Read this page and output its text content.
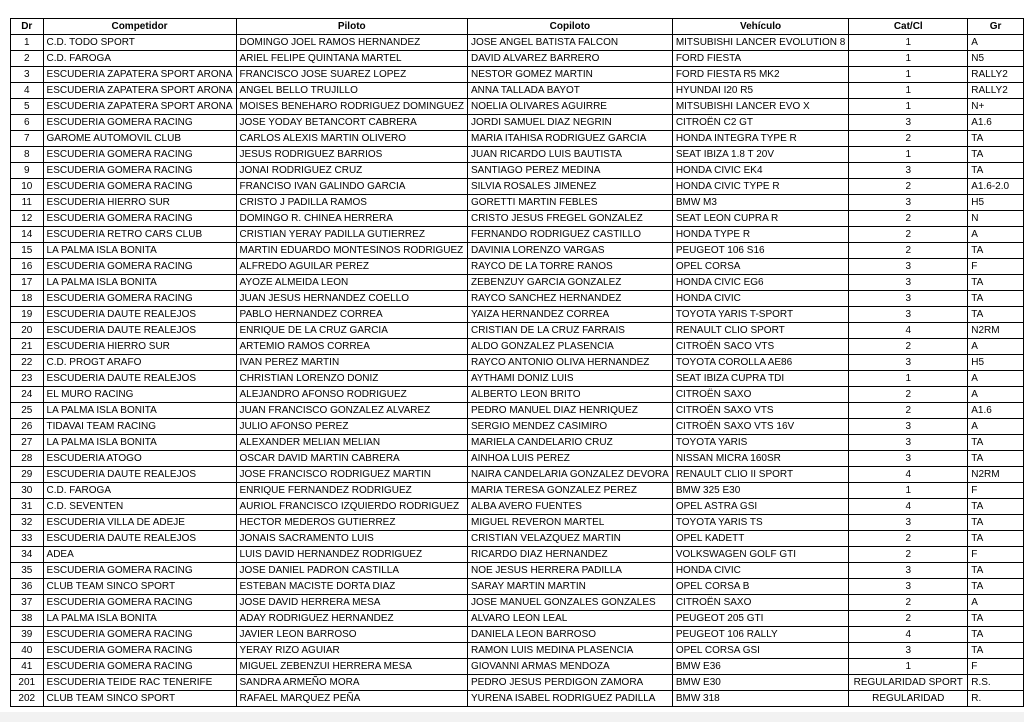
Dr	Competidor	Piloto	Copiloto	Vehículo	Cat/Cl	Gr
1	C.D. TODO SPORT	DOMINGO JOEL RAMOS HERNANDEZ	JOSE ANGEL BATISTA FALCON	MITSUBISHI LANCER EVOLUTION 8	1	A
2	C.D. FAROGA	ARIEL FELIPE QUINTANA MARTEL	DAVID ALVAREZ BARRERO	FORD FIESTA	1	N5
3	ESCUDERIA ZAPATERA SPORT ARONA	FRANCISCO JOSE SUAREZ LOPEZ	NESTOR GOMEZ MARTIN	FORD FIESTA R5 MK2	1	RALLY2
4	ESCUDERIA ZAPATERA SPORT ARONA	ANGEL BELLO TRUJILLO	ANNA TALLADA BAYOT	HYUNDAI I20 R5	1	RALLY2
5	ESCUDERIA ZAPATERA SPORT ARONA	MOISES BENEHARO RODRIGUEZ DOMINGUEZ	NOELIA OLIVARES AGUIRRE	MITSUBISHI LANCER EVO X	1	N+
6	ESCUDERIA GOMERA RACING	JOSE YODAY BETANCORT CABRERA	JORDI SAMUEL DIAZ NEGRIN	CITROËN C2 GT	3	A1.6
7	GAROME AUTOMOVIL CLUB	CARLOS ALEXIS MARTIN OLIVERO	MARIA ITAHISA RODRIGUEZ GARCIA	HONDA INTEGRA TYPE R	2	TA
8	ESCUDERIA GOMERA RACING	JESUS RODRIGUEZ BARRIOS	JUAN RICARDO LUIS BAUTISTA	SEAT IBIZA 1.8 T 20V	1	TA
9	ESCUDERIA GOMERA RACING	JONAI RODRIGUEZ CRUZ	SANTIAGO PEREZ MEDINA	HONDA CIVIC EK4	3	TA
10	ESCUDERIA GOMERA RACING	FRANCISO IVAN GALINDO GARCIA	SILVIA ROSALES JIMENEZ	HONDA CIVIC TYPE R	2	A1.6-2.0
11	ESCUDERIA HIERRO SUR	CRISTO J PADILLA RAMOS	GORETTI MARTIN FEBLES	BMW M3	3	H5
12	ESCUDERIA GOMERA RACING	DOMINGO R. CHINEA HERRERA	CRISTO JESUS FREGEL GONZALEZ	SEAT LEON CUPRA R	2	N
14	ESCUDERIA RETRO CARS CLUB	CRISTIAN YERAY PADILLA GUTIERREZ	FERNANDO RODRIGUEZ CASTILLO	HONDA TYPE R	2	A
15	LA PALMA ISLA BONITA	MARTIN EDUARDO MONTESINOS RODRIGUEZ	DAVINIA LORENZO VARGAS	PEUGEOT 106 S16	2	TA
16	ESCUDERIA GOMERA RACING	ALFREDO AGUILAR PEREZ	RAYCO DE LA TORRE RANOS	OPEL CORSA	3	F
17	LA PALMA ISLA BONITA	AYOZE ALMEIDA LEON	ZEBENZUY GARCIA GONZALEZ	HONDA CIVIC EG6	3	TA
18	ESCUDERIA GOMERA RACING	JUAN JESUS HERNANDEZ COELLO	RAYCO SANCHEZ HERNANDEZ	HONDA CIVIC	3	TA
19	ESCUDERIA DAUTE REALEJOS	PABLO HERNANDEZ CORREA	YAIZA HERNANDEZ CORREA	TOYOTA YARIS T-SPORT	3	TA
20	ESCUDERIA DAUTE REALEJOS	ENRIQUE DE LA CRUZ GARCIA	CRISTIAN DE LA CRUZ FARRAIS	RENAULT CLIO SPORT	4	N2RM
21	ESCUDERIA HIERRO SUR	ARTEMIO RAMOS CORREA	ALDO GONZALEZ PLASENCIA	CITROËN SACO VTS	2	A
22	C.D. PROGT ARAFO	IVAN PEREZ MARTIN	RAYCO ANTONIO OLIVA HERNANDEZ	TOYOTA COROLLA AE86	3	H5
23	ESCUDERIA DAUTE REALEJOS	CHRISTIAN LORENZO DONIZ	AYTHAMI DONIZ LUIS	SEAT IBIZA CUPRA TDI	1	A
24	EL MURO RACING	ALEJANDRO AFONSO RODRIGUEZ	ALBERTO LEON BRITO	CITROËN SAXO	2	A
25	LA PALMA ISLA BONITA	JUAN FRANCISCO GONZALEZ ALVAREZ	PEDRO MANUEL DIAZ HENRIQUEZ	CITROËN SAXO VTS	2	A1.6
26	TIDAVAI TEAM RACING	JULIO AFONSO PEREZ	SERGIO MENDEZ CASIMIRO	CITROËN SAXO VTS 16V	3	A
27	LA PALMA ISLA BONITA	ALEXANDER MELIAN MELIAN	MARIELA CANDELARIO CRUZ	TOYOTA YARIS	3	TA
28	ESCUDERIA ATOGO	OSCAR DAVID MARTIN CABRERA	AINHOA LUIS PEREZ	NISSAN MICRA 160SR	3	TA
29	ESCUDERIA DAUTE REALEJOS	JOSE FRANCISCO RODRIGUEZ MARTIN	NAIRA CANDELARIA GONZALEZ DEVORA	RENAULT CLIO II SPORT	4	N2RM
30	C.D. FAROGA	ENRIQUE FERNANDEZ RODRIGUEZ	MARIA TERESA GONZALEZ PEREZ	BMW 325 E30	1	F
31	C.D. SEVENTEN	AURIOL FRANCISCO IZQUIERDO RODRIGUEZ	ALBA AVERO FUENTES	OPEL ASTRA GSI	4	TA
32	ESCUDERIA VILLA DE ADEJE	HECTOR MEDEROS GUTIERREZ	MIGUEL REVERON MARTEL	TOYOTA YARIS TS	3	TA
33	ESCUDERIA DAUTE REALEJOS	JONAIS SACRAMENTO LUIS	CRISTIAN VELAZQUEZ MARTIN	OPEL KADETT	2	TA
34	ADEA	LUIS DAVID HERNANDEZ RODRIGUEZ	RICARDO DIAZ HERNANDEZ	VOLKSWAGEN GOLF GTI	2	F
35	ESCUDERIA GOMERA RACING	JOSE DANIEL PADRON CASTILLA	NOE JESUS HERRERA PADILLA	HONDA CIVIC	3	TA
36	CLUB TEAM SINCO SPORT	ESTEBAN MACISTE DORTA DIAZ	SARAY MARTIN MARTIN	OPEL CORSA B	3	TA
37	ESCUDERIA GOMERA RACING	JOSE DAVID HERRERA MESA	JOSE MANUEL GONZALES GONZALES	CITROËN SAXO	2	A
38	LA PALMA ISLA BONITA	ADAY RODRIGUEZ HERNANDEZ	ALVARO LEON LEAL	PEUGEOT 205 GTI	2	TA
39	ESCUDERIA GOMERA RACING	JAVIER LEON BARROSO	DANIELA LEON BARROSO	PEUGEOT 106 RALLY	4	TA
40	ESCUDERIA GOMERA RACING	YERAY RIZO AGUIAR	RAMON LUIS MEDINA PLASENCIA	OPEL CORSA GSI	3	TA
41	ESCUDERIA GOMERA RACING	MIGUEL ZEBENZUI HERRERA MESA	GIOVANNI ARMAS MENDOZA	BMW E36	1	F
201	ESCUDERIA TEIDE RAC TENERIFE	SANDRA ARMEÑO MORA	PEDRO JESUS PERDIGON ZAMORA	BMW E30	REGULARIDAD SPORT	R.S.
202	CLUB TEAM SINCO SPORT	RAFAEL MARQUEZ PEÑA	YURENA ISABEL RODRIGUEZ PADILLA	BMW 318	REGULARIDAD	R.
